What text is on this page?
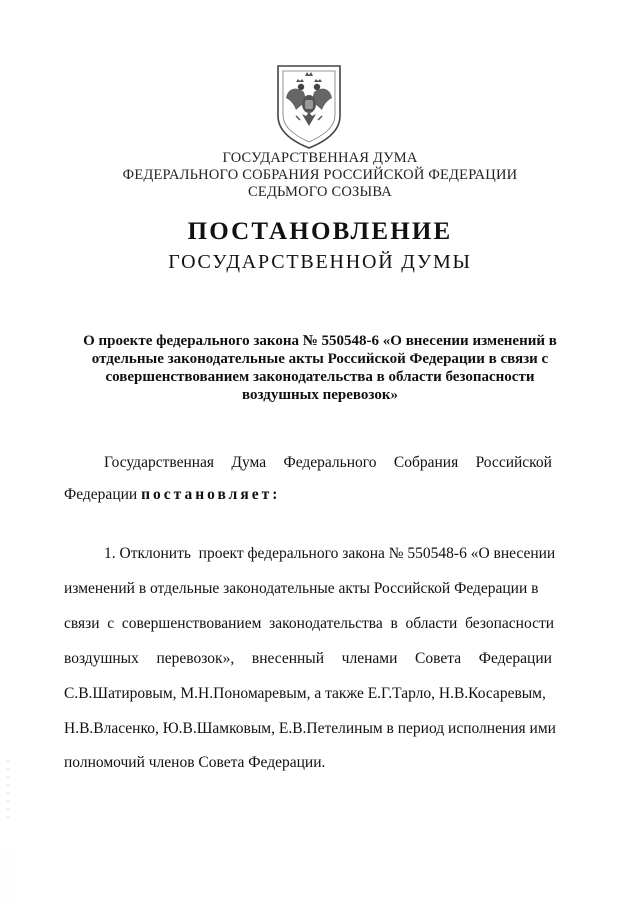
ГОСУДАРСТВЕННАЯ ДУМА
ФЕДЕРАЛЬНОГО СОБРАНИЯ РОССИЙСКОЙ ФЕДЕРАЦИИ
СЕДЬМОГО СОЗЫВА
ПОСТАНОВЛЕНИЕ
ГОСУДАРСТВЕННОЙ ДУМЫ
О проекте федерального закона № 550548-6 «О внесении изменений в
отдельные законодательные акты Российской Федерации в связи с
совершенствованием законодательства в области безопасности
воздушных перевозок»
Государственная Дума Федерального Собрания Российской
Федерации постановляет:
1. Отклонить  проект федерального закона № 550548-6 «О внесении
изменений в отдельные законодательные акты Российской Федерации в
связи  с  совершенствованием  законодательства  в  области  безопасности
воздушных перевозок», внесенный членами Совета Федерации
С.В.Шатировым, М.Н.Пономаревым, а также Е.Г.Тарло, Н.В.Косаревым,
Н.В.Власенко, Ю.В.Шамковым, Е.В.Петелиным в период исполнения ими
полномочий членов Совета Федерации.
